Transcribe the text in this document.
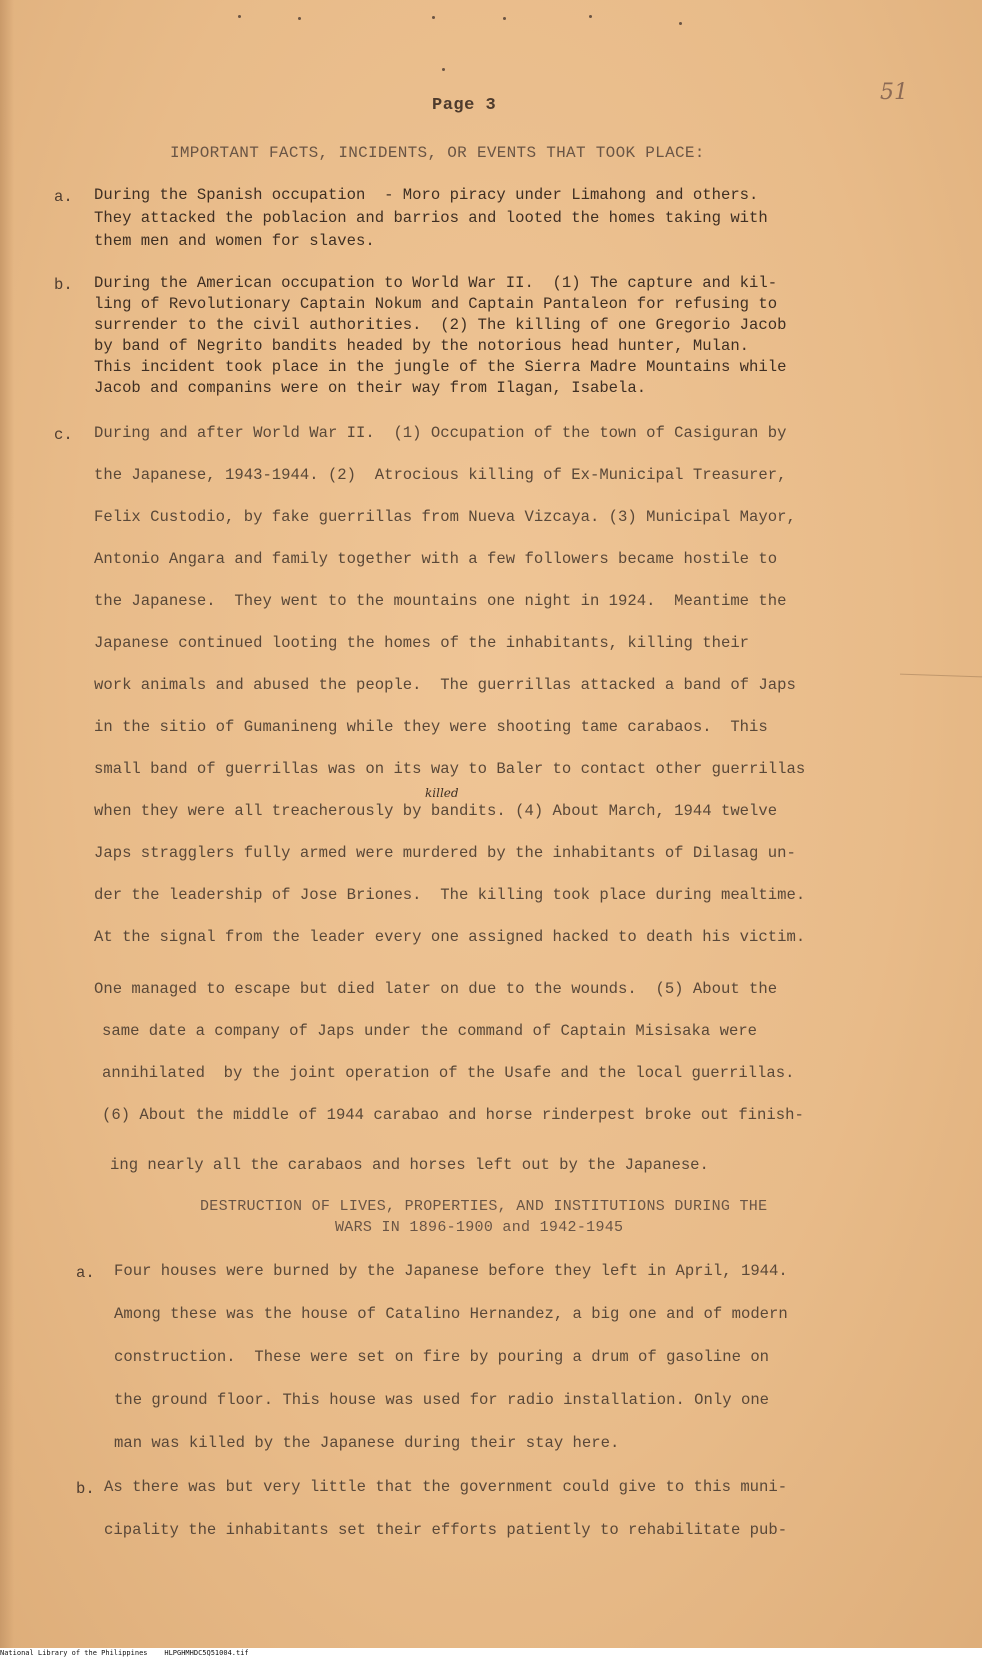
Page 3
51
IMPORTANT FACTS, INCIDENTS, OR EVENTS THAT TOOK PLACE:
a. During the Spanish occupation  - Moro piracy under Limahong and others.
They attacked the poblacion and barrios and looted the homes taking with
them men and women for slaves.
b. During the American occupation to World War II.  (1) The capture and kil-
ling of Revolutionary Captain Nokum and Captain Pantaleon for refusing to
surrender to the civil authorities.  (2) The killing of one Gregorio Jacob
by band of Negrito bandits headed by the notorious head hunter, Mulan.
This incident took place in the jungle of the Sierra Madre Mountains while
Jacob and companins were on their way from Ilagan, Isabela.
c. During and after World War II.  (1) Occupation of the town of Casiguran by
the Japanese, 1943-1944. (2)  Atrocious killing of Ex-Municipal Treasurer,
Felix Custodio, by fake guerrillas from Nueva Vizcaya. (3) Municipal Mayor,
Antonio Angara and family together with a few followers became hostile to
the Japanese.  They went to the mountains one night in 1924.  Meantime the
Japanese continued looting the homes of the inhabitants, killing their
work animals and abused the people.  The guerrillas attacked a band of Japs
in the sitio of Gumanineng while they were shooting tame carabaos.  This
small band of guerrillas was on its way to Baler to contact other guerrillas
killed
when they were all treacherously by bandits. (4) About March, 1944 twelve
Japs stragglers fully armed were murdered by the inhabitants of Dilasag un-
der the leadership of Jose Briones.  The killing took place during mealtime.
At the signal from the leader every one assigned hacked to death his victim.
One managed to escape but died later on due to the wounds.  (5) About the
same date a company of Japs under the command of Captain Misisaka were
annihilated  by the joint operation of the Usafe and the local guerrillas.
(6) About the middle of 1944 carabao and horse rinderpest broke out finish-
ing nearly all the carabaos and horses left out by the Japanese.
DESTRUCTION OF LIVES, PROPERTIES, AND INSTITUTIONS DURING THE
WARS IN 1896-1900 and 1942-1945
a. Four houses were burned by the Japanese before they left in April, 1944.
Among these was the house of Catalino Hernandez, a big one and of modern
construction.  These were set on fire by pouring a drum of gasoline on
the ground floor. This house was used for radio installation. Only one
man was killed by the Japanese during their stay here.
b. As there was but very little that the government could give to this muni-
cipality the inhabitants set their efforts patiently to rehabilitate pub-
National Library of the Philippines    HLPGHMHDC5Q51004.tif
